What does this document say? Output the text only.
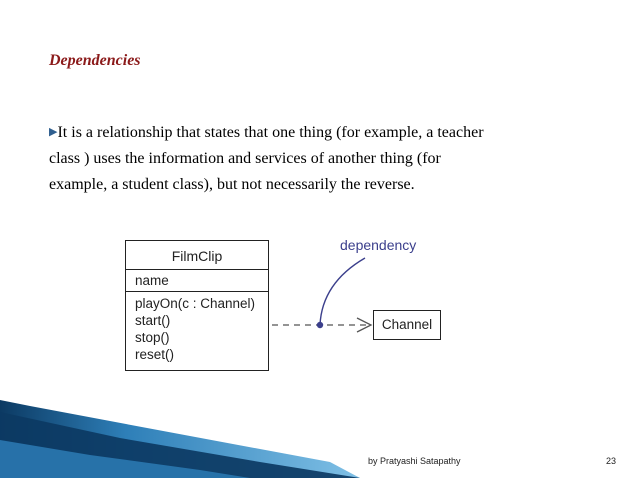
Dependencies
▶It is a relationship that states that one thing (for example, a teacher
class ) uses the information and services of another thing (for
example, a student class), but not necessarily the reverse.
FilmClip
name
playOn(c : Channel)
start()
stop()
reset()
dependency
Channel
by Pratyashi Satapathy	23
